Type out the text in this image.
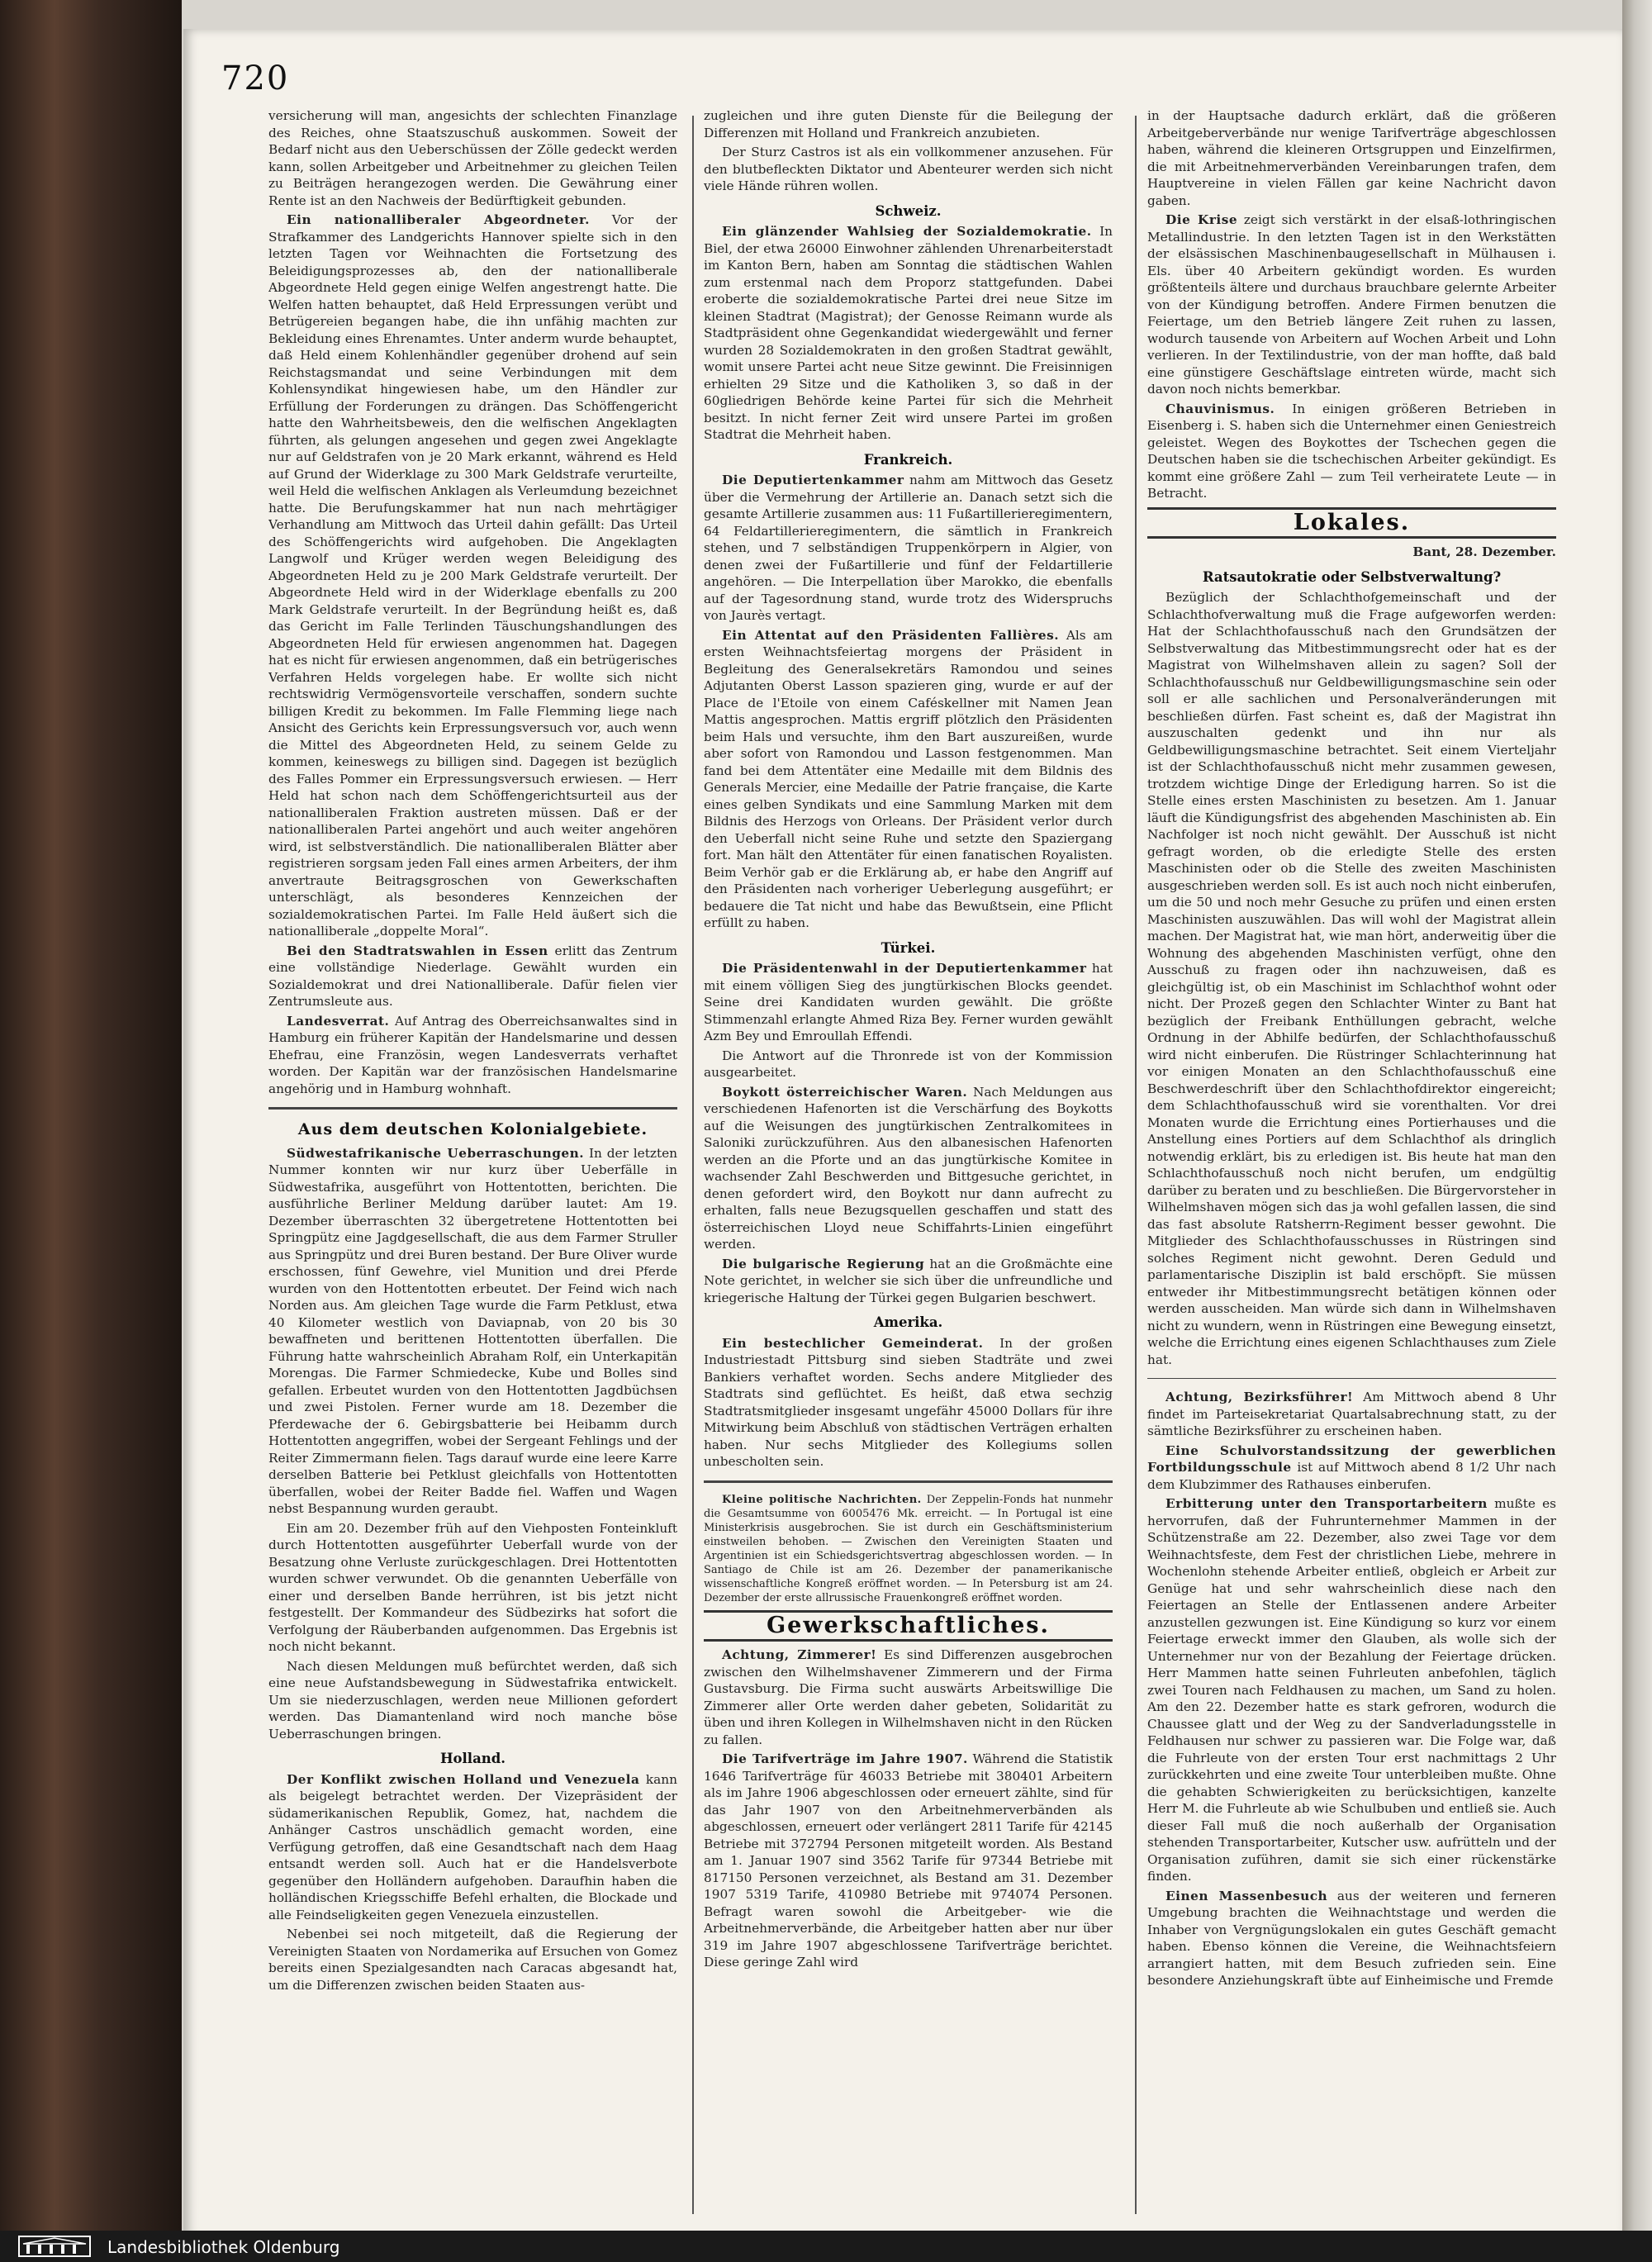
720

versicherung will man, angesichts der schlechten Finanzlage des Reiches, ohne Staatszuschuß auskommen. Soweit der Bedarf nicht aus den Ueberschüssen der Zölle gedeckt werden kann, sollen Arbeitgeber und Arbeitnehmer zu gleichen Teilen zu Beiträgen herangezogen werden. Die Gewährung einer Rente ist an den Nachweis der Bedürftigkeit gebunden.

Ein nationalliberaler Abgeordneter. Vor der Strafkammer des Landgerichts Hannover spielte sich in den letzten Tagen vor Weihnachten die Fortsetzung des Beleidigungsprozesses ab, den der nationalliberale Abgeordnete Held gegen einige Welfen angestrengt hatte. Die Welfen hatten behauptet, daß Held Erpressungen verübt und Betrügereien begangen habe, die ihn unfähig machten zur Bekleidung eines Ehrenamtes. Unter anderm wurde behauptet, daß Held einem Kohlenhändler gegenüber drohend auf sein Reichstagsmandat und seine Verbindungen mit dem Kohlensyndikat hingewiesen habe, um den Händler zur Erfüllung der Forderungen zu drängen. Das Schöffengericht hatte den Wahrheitsbeweis, den die welfischen Angeklagten führten, als gelungen angesehen und gegen zwei Angeklagte nur auf Geldstrafen von je 20 Mark erkannt, während es Held auf Grund der Widerklage zu 300 Mark Geldstrafe verurteilte, weil Held die welfischen Anklagen als Verleumdung bezeichnet hatte. Die Berufungskammer hat nun nach mehrtägiger Verhandlung am Mittwoch das Urteil dahin gefällt: Das Urteil des Schöffengerichts wird aufgehoben. Die Angeklagten Langwolf und Krüger werden wegen Beleidigung des Abgeordneten Held zu je 200 Mark Geldstrafe verurteilt. Der Abgeordnete Held wird in der Widerklage ebenfalls zu 200 Mark Geldstrafe verurteilt. In der Begründung heißt es, daß das Gericht im Falle Terlinden Täuschungshandlungen des Abgeordneten Held für erwiesen angenommen hat. Dagegen hat es nicht für erwiesen angenommen, daß ein betrügerisches Verfahren Helds vorgelegen habe. Er wollte sich nicht rechtswidrig Vermögensvorteile verschaffen, sondern suchte billigen Kredit zu bekommen. Im Falle Flemming liege nach Ansicht des Gerichts kein Erpressungsversuch vor, auch wenn die Mittel des Abgeordneten Held, zu seinem Gelde zu kommen, keineswegs zu billigen sind. Dagegen ist bezüglich des Falles Pommer ein Erpressungsversuch erwiesen. — Herr Held hat schon nach dem Schöffengerichtsurteil aus der nationalliberalen Fraktion austreten müssen. Daß er der nationalliberalen Partei angehört und auch weiter angehören wird, ist selbstverständlich. Die nationalliberalen Blätter aber registrieren sorgsam jeden Fall eines armen Arbeiters, der ihm anvertraute Beitragsgroschen von Gewerkschaften unterschlägt, als besonderes Kennzeichen der sozialdemokratischen Partei. Im Falle Held äußert sich die nationalliberale „doppelte Moral“.

Bei den Stadtratswahlen in Essen erlitt das Zentrum eine vollständige Niederlage. Gewählt wurden ein Sozialdemokrat und drei Nationalliberale. Dafür fielen vier Zentrumsleute aus.

Landesverrat. Auf Antrag des Oberreichsanwaltes sind in Hamburg ein früherer Kapitän der Handelsmarine und dessen Ehefrau, eine Französin, wegen Landesverrats verhaftet worden. Der Kapitän war der französischen Handelsmarine angehörig und in Hamburg wohnhaft.

Aus dem deutschen Kolonialgebiete.

Südwestafrikanische Ueberraschungen. In der letzten Nummer konnten wir nur kurz über Ueberfälle in Südwestafrika, ausgeführt von Hottentotten, berichten. Die ausführliche Berliner Meldung darüber lautet: Am 19. Dezember überraschten 32 übergetretene Hottentotten bei Springpütz eine Jagdgesellschaft, die aus dem Farmer Struller aus Springpütz und drei Buren bestand. Der Bure Oliver wurde erschossen, fünf Gewehre, viel Munition und drei Pferde wurden von den Hottentotten erbeutet. Der Feind wich nach Norden aus. Am gleichen Tage wurde die Farm Petklust, etwa 40 Kilometer westlich von Daviapnab, von 20 bis 30 bewaffneten und berittenen Hottentotten überfallen. Die Führung hatte wahrscheinlich Abraham Rolf, ein Unterkapitän Morengas. Die Farmer Schmiedecke, Kube und Bolles sind gefallen. Erbeutet wurden von den Hottentotten Jagdbüchsen und zwei Pistolen. Ferner wurde am 18. Dezember die Pferdewache der 6. Gebirgsbatterie bei Heibamm durch Hottentotten angegriffen, wobei der Sergeant Fehlings und der Reiter Zimmermann fielen. Tags darauf wurde eine leere Karre derselben Batterie bei Petklust gleichfalls von Hottentotten überfallen, wobei der Reiter Badde fiel. Waffen und Wagen nebst Bespannung wurden geraubt.

Ein am 20. Dezember früh auf den Viehposten Fonteinkluft durch Hottentotten ausgeführter Ueberfall wurde von der Besatzung ohne Verluste zurückgeschlagen. Drei Hottentotten wurden schwer verwundet. Ob die genannten Ueberfälle von einer und derselben Bande herrühren, ist bis jetzt nicht festgestellt. Der Kommandeur des Südbezirks hat sofort die Verfolgung der Räuberbanden aufgenommen. Das Ergebnis ist noch nicht bekannt.

Nach diesen Meldungen muß befürchtet werden, daß sich eine neue Aufstandsbewegung in Südwestafrika entwickelt. Um sie niederzuschlagen, werden neue Millionen gefordert werden. Das Diamantenland wird noch manche böse Ueberraschungen bringen.

Holland.

Der Konflikt zwischen Holland und Venezuela kann als beigelegt betrachtet werden. Der Vizepräsident der südamerikanischen Republik, Gomez, hat, nachdem die Anhänger Castros unschädlich gemacht worden, eine Verfügung getroffen, daß eine Gesandtschaft nach dem Haag entsandt werden soll. Auch hat er die Handelsverbote gegenüber den Holländern aufgehoben. Daraufhin haben die holländischen Kriegsschiffe Befehl erhalten, die Blockade und alle Feindseligkeiten gegen Venezuela einzustellen.

Nebenbei sei noch mitgeteilt, daß die Regierung der Vereinigten Staaten von Nordamerika auf Ersuchen von Gomez bereits einen Spezialgesandten nach Caracas abgesandt hat, um die Differenzen zwischen beiden Staaten aus-

zugleichen und ihre guten Dienste für die Beilegung der Differenzen mit Holland und Frankreich anzubieten.

Der Sturz Castros ist als ein vollkommener anzusehen. Für den blutbefleckten Diktator und Abenteurer werden sich nicht viele Hände rühren wollen.

Schweiz.

Ein glänzender Wahlsieg der Sozialdemokratie. In Biel, der etwa 26000 Einwohner zählenden Uhrenarbeiterstadt im Kanton Bern, haben am Sonntag die städtischen Wahlen zum erstenmal nach dem Proporz stattgefunden. Dabei eroberte die sozialdemokratische Partei drei neue Sitze im kleinen Stadtrat (Magistrat); der Genosse Reimann wurde als Stadtpräsident ohne Gegenkandidat wiedergewählt und ferner wurden 28 Sozialdemokraten in den großen Stadtrat gewählt, womit unsere Partei acht neue Sitze gewinnt. Die Freisinnigen erhielten 29 Sitze und die Katholiken 3, so daß in der 60gliedrigen Behörde keine Partei für sich die Mehrheit besitzt. In nicht ferner Zeit wird unsere Partei im großen Stadtrat die Mehrheit haben.

Frankreich.

Die Deputiertenkammer nahm am Mittwoch das Gesetz über die Vermehrung der Artillerie an. Danach setzt sich die gesamte Artillerie zusammen aus: 11 Fußartillerieregimentern, 64 Feldartillerieregimentern, die sämtlich in Frankreich stehen, und 7 selbständigen Truppenkörpern in Algier, von denen zwei der Fußartillerie und fünf der Feldartillerie angehören. — Die Interpellation über Marokko, die ebenfalls auf der Tagesordnung stand, wurde trotz des Widerspruchs von Jaurès vertagt.

Ein Attentat auf den Präsidenten Fallières. Als am ersten Weihnachtsfeiertag morgens der Präsident in Begleitung des Generalsekretärs Ramondou und seines Adjutanten Oberst Lasson spazieren ging, wurde er auf der Place de l'Etoile von einem Caféskellner mit Namen Jean Mattis angesprochen. Mattis ergriff plötzlich den Präsidenten beim Hals und versuchte, ihm den Bart auszureißen, wurde aber sofort von Ramondou und Lasson festgenommen. Man fand bei dem Attentäter eine Medaille mit dem Bildnis des Generals Mercier, eine Medaille der Patrie française, die Karte eines gelben Syndikats und eine Sammlung Marken mit dem Bildnis des Herzogs von Orleans. Der Präsident verlor durch den Ueberfall nicht seine Ruhe und setzte den Spaziergang fort. Man hält den Attentäter für einen fanatischen Royalisten. Beim Verhör gab er die Erklärung ab, er habe den Angriff auf den Präsidenten nach vorheriger Ueberlegung ausgeführt; er bedauere die Tat nicht und habe das Bewußtsein, eine Pflicht erfüllt zu haben.

Türkei.

Die Präsidentenwahl in der Deputiertenkammer hat mit einem völligen Sieg des jungtürkischen Blocks geendet. Seine drei Kandidaten wurden gewählt. Die größte Stimmenzahl erlangte Ahmed Riza Bey. Ferner wurden gewählt Azm Bey und Emroullah Effendi.

Die Antwort auf die Thronrede ist von der Kommission ausgearbeitet.

Boykott österreichischer Waren. Nach Meldungen aus verschiedenen Hafenorten ist die Verschärfung des Boykotts auf die Weisungen des jungtürkischen Zentralkomitees in Saloniki zurückzuführen. Aus den albanesischen Hafenorten werden an die Pforte und an das jungtürkische Komitee in wachsender Zahl Beschwerden und Bittgesuche gerichtet, in denen gefordert wird, den Boykott nur dann aufrecht zu erhalten, falls neue Bezugsquellen geschaffen und statt des österreichischen Lloyd neue Schiffahrts-Linien eingeführt werden.

Die bulgarische Regierung hat an die Großmächte eine Note gerichtet, in welcher sie sich über die unfreundliche und kriegerische Haltung der Türkei gegen Bulgarien beschwert.

Amerika.

Ein bestechlicher Gemeinderat. In der großen Industriestadt Pittsburg sind sieben Stadträte und zwei Bankiers verhaftet worden. Sechs andere Mitglieder des Stadtrats sind geflüchtet. Es heißt, daß etwa sechzig Stadtratsmitglieder insgesamt ungefähr 45000 Dollars für ihre Mitwirkung beim Abschluß von städtischen Verträgen erhalten haben. Nur sechs Mitglieder des Kollegiums sollen unbescholten sein.

Kleine politische Nachrichten. Der Zeppelin-Fonds hat nunmehr die Gesamtsumme von 6005476 Mk. erreicht. — In Portugal ist eine Ministerkrisis ausgebrochen. Sie ist durch ein Geschäftsministerium einstweilen behoben. — Zwischen den Vereinigten Staaten und Argentinien ist ein Schiedsgerichtsvertrag abgeschlossen worden. — In Santiago de Chile ist am 26. Dezember der panamerikanische wissenschaftliche Kongreß eröffnet worden. — In Petersburg ist am 24. Dezember der erste allrussische Frauenkongreß eröffnet worden.

Gewerkschaftliches.

Achtung, Zimmerer! Es sind Differenzen ausgebrochen zwischen den Wilhelmshavener Zimmerern und der Firma Gustavsburg. Die Firma sucht auswärts Arbeitswillige Die Zimmerer aller Orte werden daher gebeten, Solidarität zu üben und ihren Kollegen in Wilhelmshaven nicht in den Rücken zu fallen.

Die Tarifverträge im Jahre 1907. Während die Statistik 1646 Tarifverträge für 46033 Betriebe mit 380401 Arbeitern als im Jahre 1906 abgeschlossen oder erneuert zählte, sind für das Jahr 1907 von den Arbeitnehmerverbänden als abgeschlossen, erneuert oder verlängert 2811 Tarife für 42145 Betriebe mit 372794 Personen mitgeteilt worden. Als Bestand am 1. Januar 1907 sind 3562 Tarife für 97344 Betriebe mit 817150 Personen verzeichnet, als Bestand am 31. Dezember 1907 5319 Tarife, 410980 Betriebe mit 974074 Personen. Befragt waren sowohl die Arbeitgeber- wie die Arbeitnehmerverbände, die Arbeitgeber hatten aber nur über 319 im Jahre 1907 abgeschlossene Tarifverträge berichtet. Diese geringe Zahl wird

in der Hauptsache dadurch erklärt, daß die größeren Arbeitgeberverbände nur wenige Tarifverträge abgeschlossen haben, während die kleineren Ortsgruppen und Einzelfirmen, die mit Arbeitnehmerverbänden Vereinbarungen trafen, dem Hauptvereine in vielen Fällen gar keine Nachricht davon gaben.

Die Krise zeigt sich verstärkt in der elsaß-lothringischen Metallindustrie. In den letzten Tagen ist in den Werkstätten der elsässischen Maschinenbaugesellschaft in Mülhausen i. Els. über 40 Arbeitern gekündigt worden. Es wurden größtenteils ältere und durchaus brauchbare gelernte Arbeiter von der Kündigung betroffen. Andere Firmen benutzen die Feiertage, um den Betrieb längere Zeit ruhen zu lassen, wodurch tausende von Arbeitern auf Wochen Arbeit und Lohn verlieren. In der Textilindustrie, von der man hoffte, daß bald eine günstigere Geschäftslage eintreten würde, macht sich davon noch nichts bemerkbar.

Chauvinismus. In einigen größeren Betrieben in Eisenberg i. S. haben sich die Unternehmer einen Geniestreich geleistet. Wegen des Boykottes der Tschechen gegen die Deutschen haben sie die tschechischen Arbeiter gekündigt. Es kommt eine größere Zahl — zum Teil verheiratete Leute — in Betracht.

Lokales.
Bant, 28. Dezember.
Ratsautokratie oder Selbstverwaltung?

Bezüglich der Schlachthofgemeinschaft und der Schlachthofverwaltung muß die Frage aufgeworfen werden: Hat der Schlachthofausschuß nach den Grundsätzen der Selbstverwaltung das Mitbestimmungsrecht oder hat es der Magistrat von Wilhelmshaven allein zu sagen? Soll der Schlachthofausschuß nur Geldbewilligungsmaschine sein oder soll er alle sachlichen und Personalveränderungen mit beschließen dürfen. Fast scheint es, daß der Magistrat ihn auszuschalten gedenkt und ihn nur als Geldbewilligungsmaschine betrachtet. Seit einem Vierteljahr ist der Schlachthofausschuß nicht mehr zusammen gewesen, trotzdem wichtige Dinge der Erledigung harren. So ist die Stelle eines ersten Maschinisten zu besetzen. Am 1. Januar läuft die Kündigungsfrist des abgehenden Maschinisten ab. Ein Nachfolger ist noch nicht gewählt. Der Ausschuß ist nicht gefragt worden, ob die erledigte Stelle des ersten Maschinisten oder ob die Stelle des zweiten Maschinisten ausgeschrieben werden soll. Es ist auch noch nicht einberufen, um die 50 und noch mehr Gesuche zu prüfen und einen ersten Maschinisten auszuwählen. Das will wohl der Magistrat allein machen. Der Magistrat hat, wie man hört, anderweitig über die Wohnung des abgehenden Maschinisten verfügt, ohne den Ausschuß zu fragen oder ihn nachzuweisen, daß es gleichgültig ist, ob ein Maschinist im Schlachthof wohnt oder nicht. Der Prozeß gegen den Schlachter Winter zu Bant hat bezüglich der Freibank Enthüllungen gebracht, welche Ordnung in der Abhilfe bedürfen, der Schlachthofausschuß wird nicht einberufen. Die Rüstringer Schlachterinnung hat vor einigen Monaten an den Schlachthofausschuß eine Beschwerdeschrift über den Schlachthofdirektor eingereicht; dem Schlachthofausschuß wird sie vorenthalten. Vor drei Monaten wurde die Errichtung eines Portierhauses und die Anstellung eines Portiers auf dem Schlachthof als dringlich notwendig erklärt, bis zu erledigen ist. Bis heute hat man den Schlachthofausschuß noch nicht berufen, um endgültig darüber zu beraten und zu beschließen. Die Bürgervorsteher in Wilhelmshaven mögen sich das ja wohl gefallen lassen, die sind das fast absolute Ratsherrn-Regiment besser gewohnt. Die Mitglieder des Schlachthofausschusses in Rüstringen sind solches Regiment nicht gewohnt. Deren Geduld und parlamentarische Disziplin ist bald erschöpft. Sie müssen entweder ihr Mitbestimmungsrecht betätigen können oder werden ausscheiden. Man würde sich dann in Wilhelmshaven nicht zu wundern, wenn in Rüstringen eine Bewegung einsetzt, welche die Errichtung eines eigenen Schlachthauses zum Ziele hat.

Achtung, Bezirksführer! Am Mittwoch abend 8 Uhr findet im Parteisekretariat Quartalsabrechnung statt, zu der sämtliche Bezirksführer zu erscheinen haben.

Eine Schulvorstandssitzung der gewerblichen Fortbildungsschule ist auf Mittwoch abend 8 1/2 Uhr nach dem Klubzimmer des Rathauses einberufen.

Erbitterung unter den Transportarbeitern mußte es hervorrufen, daß der Fuhrunternehmer Mammen in der Schützenstraße am 22. Dezember, also zwei Tage vor dem Weihnachtsfeste, dem Fest der christlichen Liebe, mehrere in Wochenlohn stehende Arbeiter entließ, obgleich er Arbeit zur Genüge hat und sehr wahrscheinlich diese nach den Feiertagen an Stelle der Entlassenen andere Arbeiter anzustellen gezwungen ist. Eine Kündigung so kurz vor einem Feiertage erweckt immer den Glauben, als wolle sich der Unternehmer nur von der Bezahlung der Feiertage drücken. Herr Mammen hatte seinen Fuhrleuten anbefohlen, täglich zwei Touren nach Feldhausen zu machen, um Sand zu holen. Am den 22. Dezember hatte es stark gefroren, wodurch die Chaussee glatt und der Weg zu der Sandverladungsstelle in Feldhausen nur schwer zu passieren war. Die Folge war, daß die Fuhrleute von der ersten Tour erst nachmittags 2 Uhr zurückkehrten und eine zweite Tour unterbleiben mußte. Ohne die gehabten Schwierigkeiten zu berücksichtigen, kanzelte Herr M. die Fuhrleute ab wie Schulbuben und entließ sie. Auch dieser Fall muß die noch außerhalb der Organisation stehenden Transportarbeiter, Kutscher usw. aufrütteln und der Organisation zuführen, damit sie sich einer rückenstärke finden.

Einen Massenbesuch aus der weiteren und ferneren Umgebung brachten die Weihnachtstage und werden die Inhaber von Vergnügungslokalen ein gutes Geschäft gemacht haben. Ebenso können die Vereine, die Weihnachtsfeiern arrangiert hatten, mit dem Besuch zufrieden sein. Eine besondere Anziehungskraft übte auf Einheimische und Fremde

Landesbibliothek Oldenburg
